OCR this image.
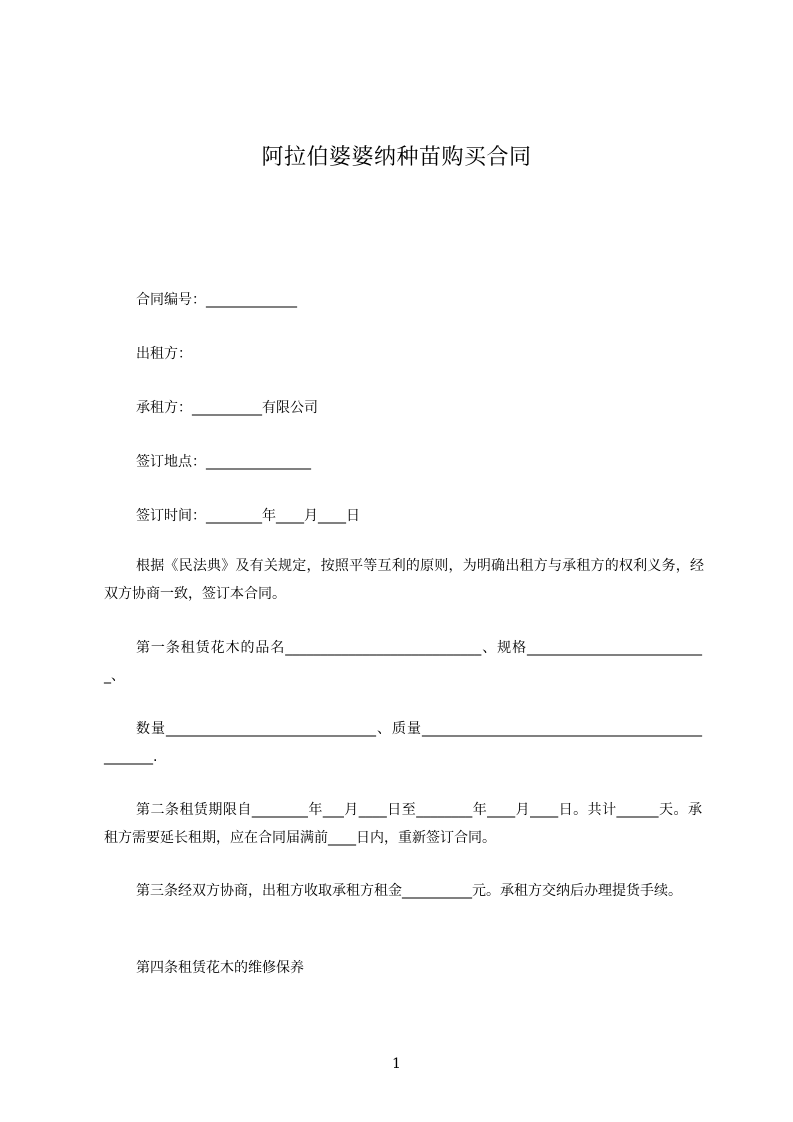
阿拉伯婆婆纳种苗购买合同
合同编号：_____________
出租方：
承租方：__________有限公司
签订地点：_______________
签订时间：________年____月____日
根据《民法典》及有关规定，按照平等互利的原则，为明确出租方与承租方的权利义务，经双方协商一致，签订本合同。
第一条租赁花木的品名____________________________、规格__________________________、
数量______________________________、质量_______________________________________________.
第二条租赁期限自________年___月____日至________年____月____日。共计______天。承租方需要延长租期，应在合同届满前____日内，重新签订合同。
第三条经双方协商，出租方收取承租方租金__________元。承租方交纳后办理提货手续。
第四条租赁花木的维修保养
1
